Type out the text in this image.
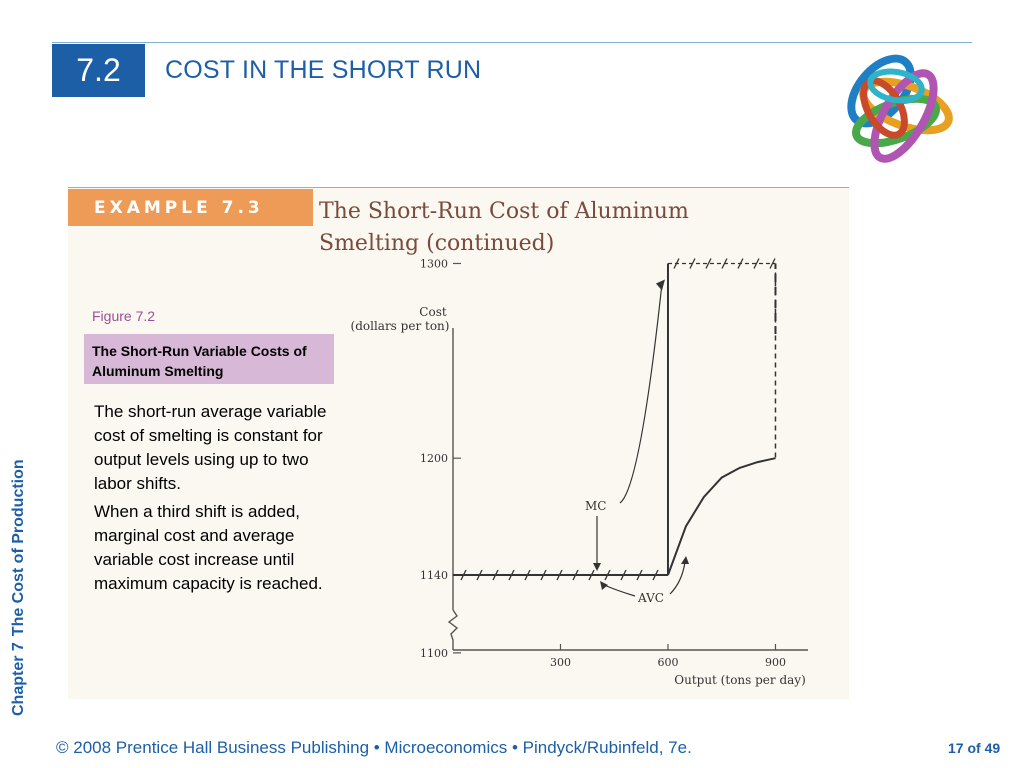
7.2	COST IN THE SHORT RUN
Chapter 7The Cost of Production
EXAMPLE 7.3	The Short-Run Cost of Aluminum
Smelting (continued)
Figure 7.2
The Short-Run Variable Costs of Aluminum Smelting

The short-run average variable cost of smelting is constant for output levels using up to two labor shifts.

When a third shift is added, marginal cost and average variable cost increase until maximum capacity is reached.

Cost
(dollars per ton)
Output (tons per day)
MC
AVC
1100
1140
1200
1300
300	600	900
© 2008 Prentice Hall Business Publishing • Microeconomics • Pindyck/Rubinfeld, 7e.	17 of 49
